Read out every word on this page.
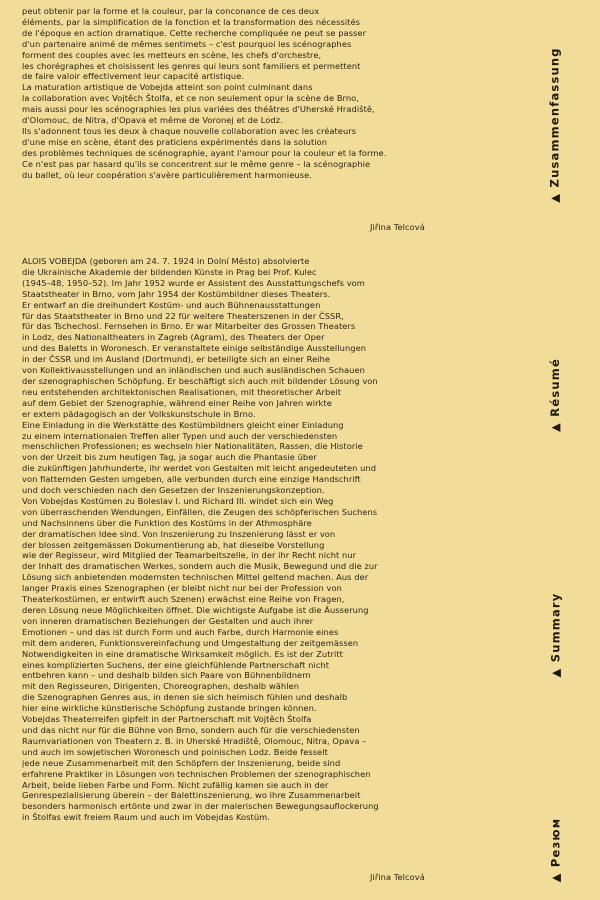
peut obtenir par la forme et la couleur, par la conconance de ces deux
éléments, par la simplification de la fonction et la transformation des nécessités
de l'époque en action dramatique. Cette recherche compliquée ne peut se passer
d'un partenaire animé de mêmes sentimets – c'est pourquoi les scénographes
forment des couples avec les metteurs en scène, les chefs d'orchestre,
les chorégraphes et choisissent les genres qui leurs sont familiers et permettent
de faire valoir effectivement leur capacité artistique.
La maturation artistique de Vobejda atteint son point culminant dans
la collaboration avec Vojtěch Štolfa, et ce non seulement opur la scène de Brno,
mais aussi pour les scénographies les plus variées des théâtres d'Uherské Hradiště,
d'Olomouc, de Nitra, d'Opava et même de Voronej et de Lodz.
Ils s'adonnent tous les deux à chaque nouvelle collaboration avec les créateurs
d'une mise en scène, étant des praticiens expérimentés dans la solution
des problèmes techniques de scénographie, ayant l'amour pour la couleur et la forme.
Ce n'est pas par hasard qu'ils se concentrent sur le même genre – la scénographie
du ballet, où leur coopération s'avère particulièrement harmonieuse.
Jiřina Telcová
ALOIS VOBEJDA (geboren am 24. 7. 1924 in Dolní Město) absolvierte
die Ukrainische Akademie der bildenden Künste in Prag bei Prof. Kulec
(1945–48, 1950–52). Im Jahr 1952 wurde er Assistent des Ausstattungschefs vom
Staatstheater in Brno, vom Jahr 1954 der Kostümbildner dieses Theaters.
Er entwarf an die dreihundert Kostüm- und auch Bühnenausstattungen
für das Staatstheater in Brno und 22 für weitere Theaterszenen in der ČSSR,
für das Tschechosl. Fernsehen in Brno. Er war Mitarbeiter des Grossen Theaters
in Lodz, des Nationaltheaters in Zagreb (Agram), des Theaters der Oper
und des Baletts in Woronesch. Er veranstaltete einige selbständige Ausstellungen
in der ČSSR und im Ausland (Dortmund), er beteiligte sich an einer Reihe
von Kollektivausstellungen und an inländischen und auch ausländischen Schauen
der szenographischen Schöpfung. Er beschäftigt sich auch mit bildender Lösung von
neu entstehenden architektonischen Realisationen, mit theoretischer Arbeit
auf dem Gebiet der Szenographie, während einer Reihe von Jahren wirkte
er extern pädagogisch an der Volkskunstschule in Brno.
Eine Einladung in die Werkstätte des Kostümbildners gleicht einer Einladung
zu einem internationalen Treffen aller Typen und auch der verschiedensten
menschlichen Professionen; es wechseln hier Nationalitäten, Rassen, die Historie
von der Urzeit bis zum heutigen Tag, ja sogar auch die Phantasie über
die zukünftigen Jahrhunderte, ihr werdet von Gestalten mit leicht angedeuteten und
von flatternden Gesten umgeben, alle verbunden durch eine einzige Handschrift
und doch verschieden nach den Gesetzen der Inszenierungskonzeption.
Von Vobejdas Kostümen zu Boleslav I. und Richard III. windet sich ein Weg
von überraschenden Wendungen, Einfällen, die Zeugen des schöpferischen Suchens
und Nachsinnens über die Funktion des Kostüms in der Athmosphäre
der dramatischen Idee sind. Von Inszenierung zu Inszenierung lässt er von
der blossen zeitgemässen Dokumentierung ab, hat dieselbe Vorstellung
wie der Regisseur, wird Mitglied der Teamarbeitszelle, in der ihr Recht nicht nur
der Inhalt des dramatischen Werkes, sondern auch die Musik, Bewegund und die zur
Lösung sich anbietenden modernsten technischen Mittel geltend machen. Aus der
langer Praxis eines Szenographen (er bleibt nicht nur bei der Profession von
Theaterkostümen, er entwirft auch Szenen) erwächst eine Reihe von Fragen,
deren Lösung neue Möglichkeiten öffnet. Die wichtigste Aufgabe ist die Äusserung
von inneren dramatischen Beziehungen der Gestalten und auch ihrer
Emotionen – und das ist durch Form und auch Farbe, durch Harmonie eines
mit dem anderen, Funktionsvereinfachung und Umgestaltung der zeitgemässen
Notwendigkeiten in eine dramatische Wirksamkeit möglich. Es ist der Zutritt
eines komplizierten Suchens, der eine gleichfühlende Partnerschaft nicht
entbehren kann – und deshalb bilden sich Paare von Bühnenbildnern
mit den Regisseuren, Dirigenten, Choreographen, deshalb wählen
die Szenographen Genres aus, in denen sie sich heimisch fühlen und deshalb
hier eine wirkliche künstlerische Schöpfung zustande bringen können.
Vobejdas Theaterreifen gipfelt in der Partnerschaft mit Vojtěch Štolfa
und das nicht nur für die Bühne von Brno, sondern auch für die verschiedensten
Raumvariationen von Theatern z. B. in Uherské Hradiště, Olomouc, Nitra, Opava –
und auch im sowjetischen Woronesch und poinischen Lodz. Beide fesselt
jede neue Zusammenarbeit mit den Schöpfern der Inszenierung, beide sind
erfahrene Praktiker in Lösungen von technischen Problemen der szenographischen
Arbeit, beide lieben Farbe und Form. Nicht zufällig kamen sie auch in der
Genrespezialisierung überein – der Balettinszenierung, wo ihre Zusammenarbeit
besonders harmonisch ertönte und zwar in der malerischen Bewegungsauflockerung
in Štolfas ewit freiem Raum und auch im Vobejdas Kostüm.
Jiřina Telcová
▲ Zusammenfassung
▲ Résumé
▲ Summary
▲ Резюм
